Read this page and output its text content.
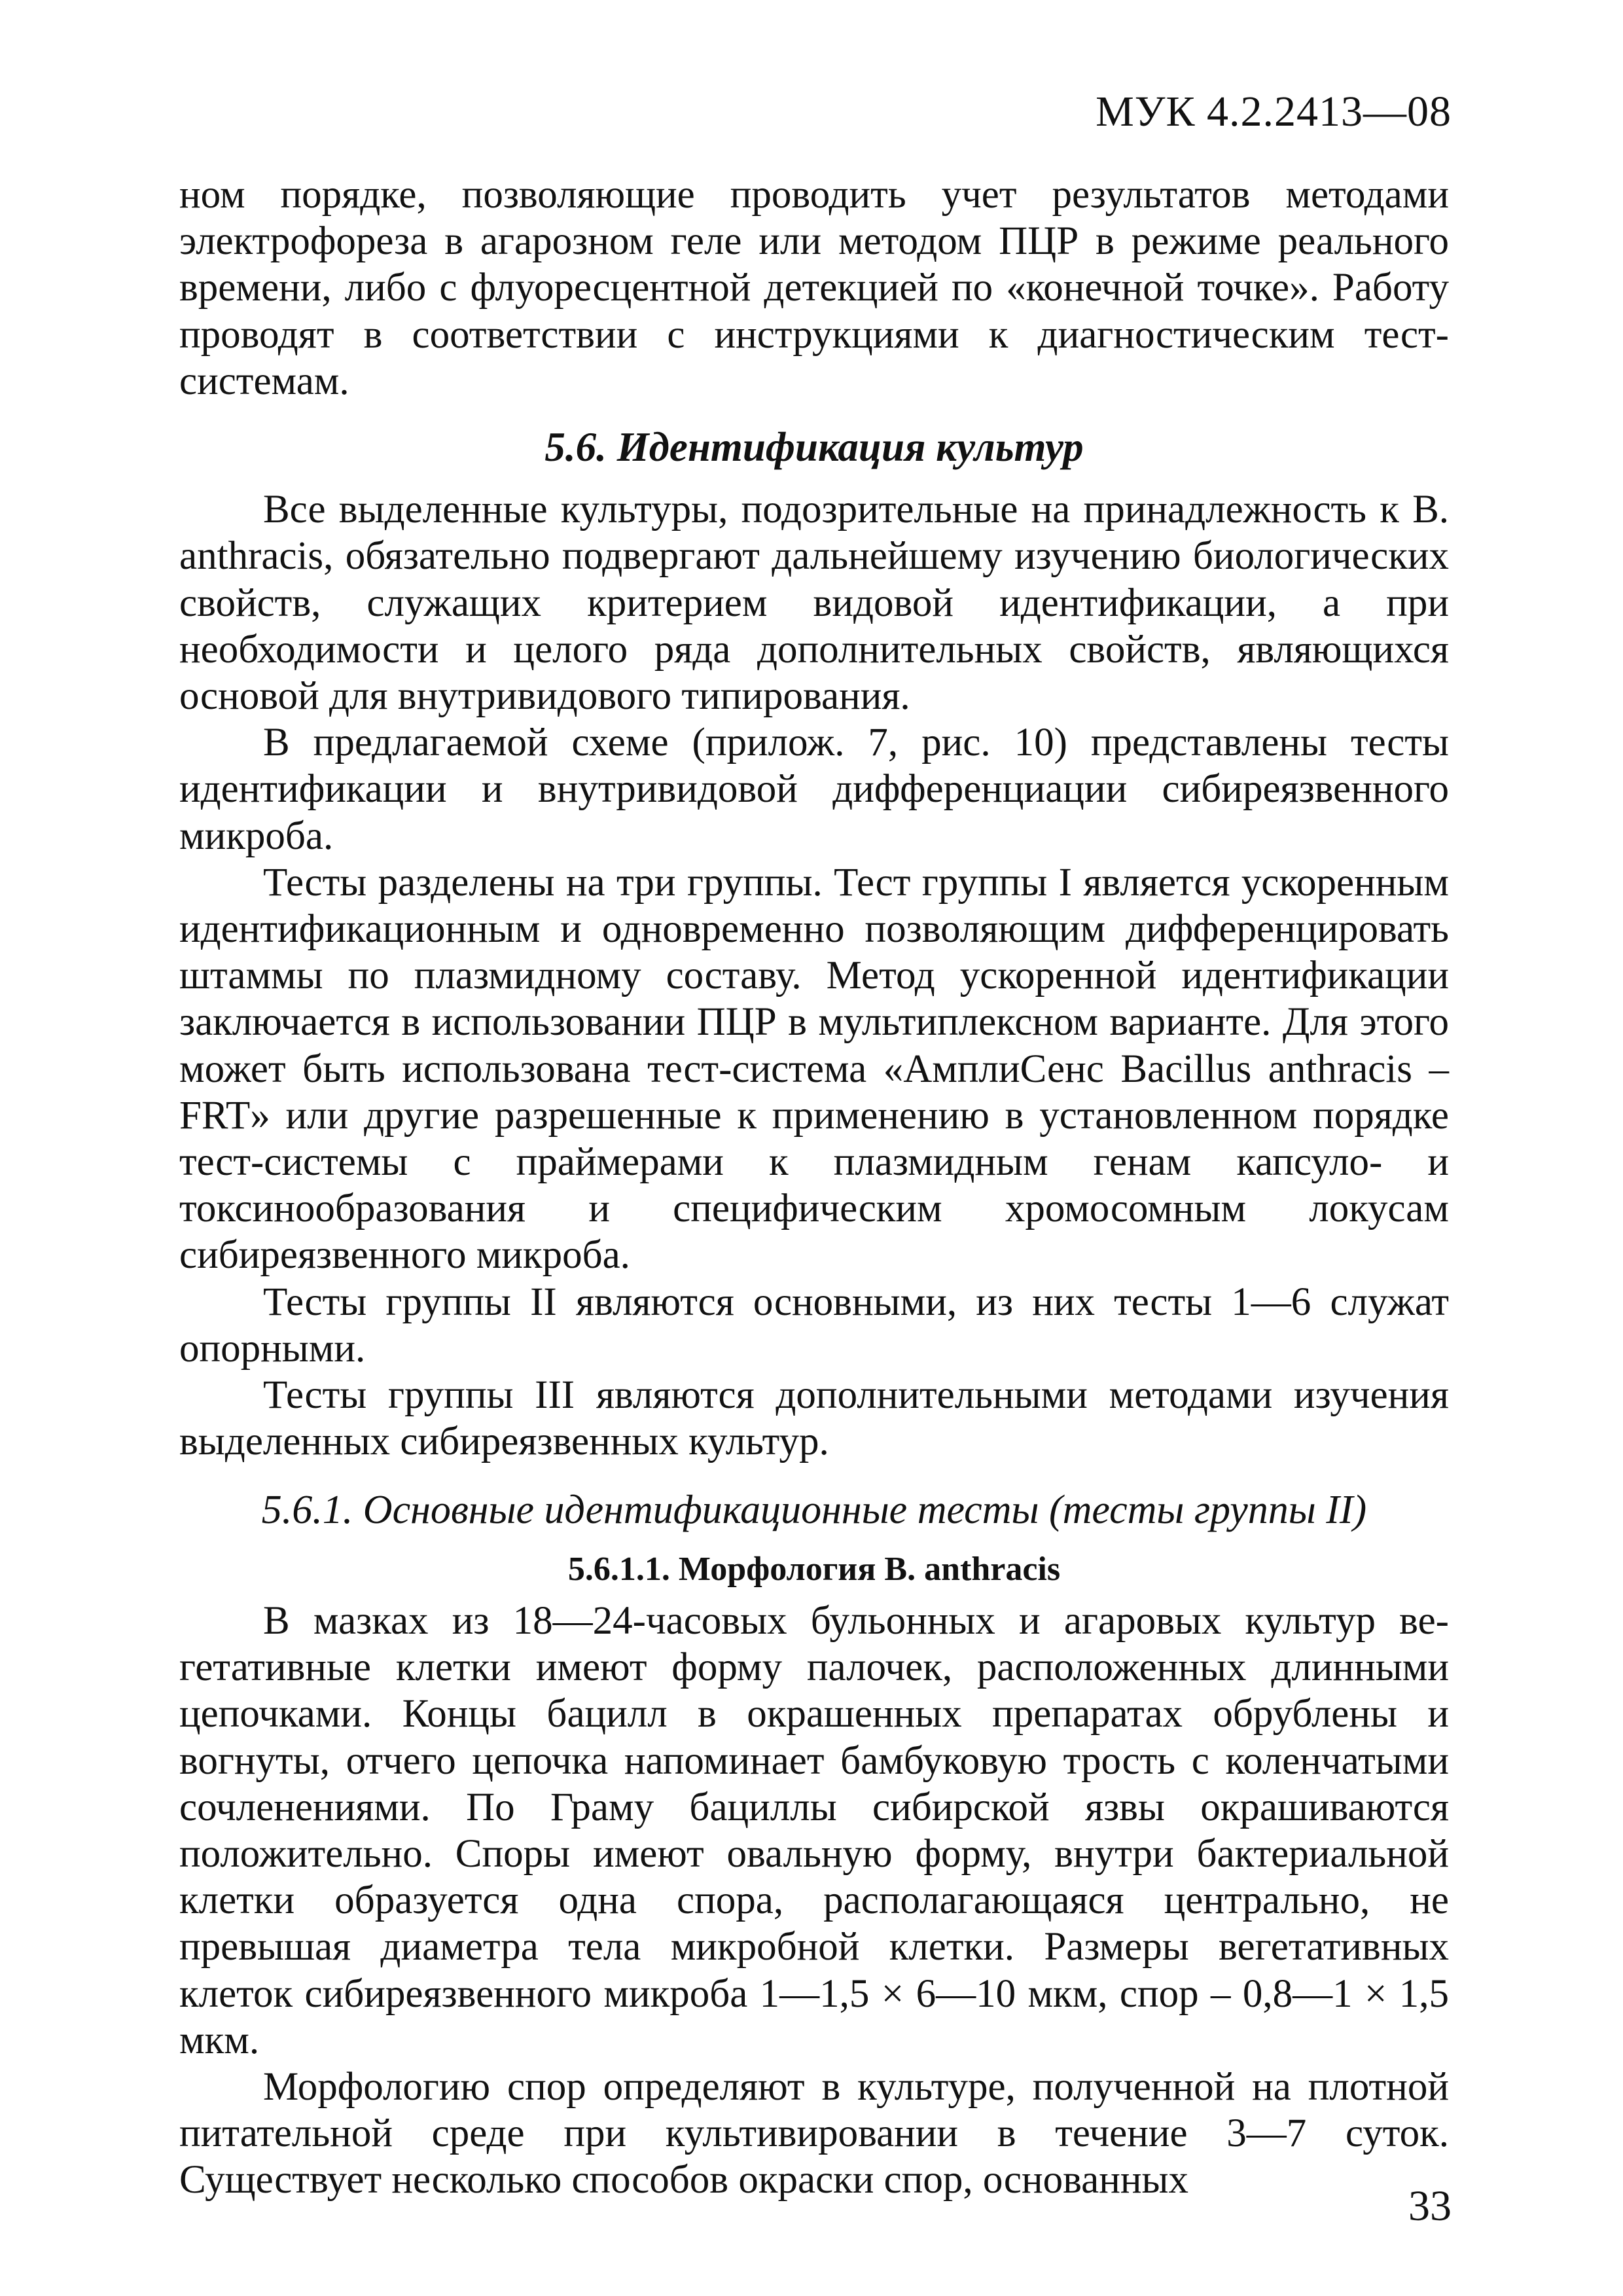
МУК 4.2.2413—08

ном порядке, позволяющие проводить учет результатов методами электрофореза в агарозном геле или методом ПЦР в режиме реального времени, либо с флуоресцентной детекцией по «конечной точке». Работу проводят в соответствии с инструкциями к диагностическим тест-системам.

5.6. Идентификация культур

Все выделенные культуры, подозрительные на принадлежность к B. anthracis, обязательно подвергают дальнейшему изучению биологических свойств, служащих критерием видовой идентификации, а при необходимости и целого ряда дополнительных свойств, являющихся основой для внутривидового типирования.

В предлагаемой схеме (прилож. 7, рис. 10) представлены тесты идентификации и внутривидовой дифференциации сибиреязвенного микроба.

Тесты разделены на три группы. Тест группы I является ускоренным идентификационным и одновременно позволяющим дифференцировать штаммы по плазмидному составу. Метод ускоренной идентификации заключается в использовании ПЦР в мультиплексном варианте. Для этого может быть использована тест-система «АмплиСенс Bacillus anthracis – FRT» или другие разрешенные к применению в установленном порядке тест-системы с праймерами к плазмидным генам капсуло- и токсинообразования и специфическим хромосомным локусам сибиреязвенного микроба.

Тесты группы II являются основными, из них тесты 1—6 служат опорными.

Тесты группы III являются дополнительными методами изучения выделенных сибиреязвенных культур.

5.6.1. Основные идентификационные тесты (тесты группы II)
5.6.1.1. Морфология B. anthracis

В мазках из 18—24-часовых бульонных и агаровых культур вегетативные клетки имеют форму палочек, расположенных длинными цепочками. Концы бацилл в окрашенных препаратах обрублены и вогнуты, отчего цепочка напоминает бамбуковую трость с коленчатыми сочленениями. По Граму бациллы сибирской язвы окрашиваются положительно. Споры имеют овальную форму, внутри бактериальной клетки образуется одна спора, располагающаяся центрально, не превышая диаметра тела микробной клетки. Размеры вегетативных клеток сибиреязвенного микроба 1—1,5 × 6—10 мкм, спор – 0,8—1 × 1,5 мкм.

Морфологию спор определяют в культуре, полученной на плотной питательной среде при культивировании в течение 3—7 суток. Существует несколько способов окраски спор, основанных

33
